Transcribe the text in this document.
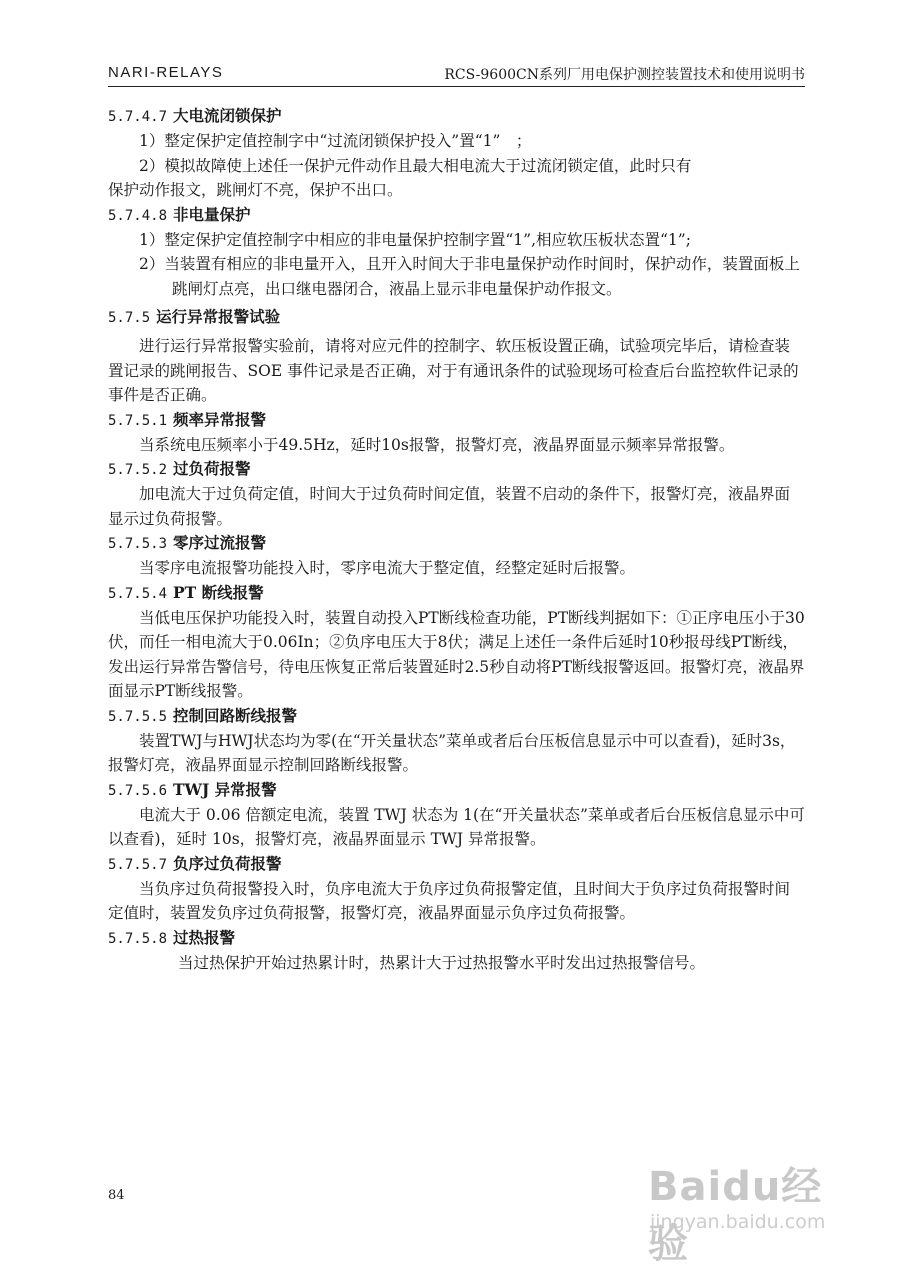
NARI-RELAYS	RCS-9600CN系列厂用电保护测控装置技术和使用说明书

5.7.4.7 大电流闭锁保护

1）整定保护定值控制字中“过流闭锁保护投入”置“1”　；

2）模拟故障使上述任一保护元件动作且最大相电流大于过流闭锁定值，此时只有

保护动作报文，跳闸灯不亮，保护不出口。

5.7.4.8 非电量保护

1）整定保护定值控制字中相应的非电量保护控制字置“1”,相应软压板状态置“1”;

2）当装置有相应的非电量开入，且开入时间大于非电量保护动作时间时，保护动作，装置面板上跳闸灯点亮，出口继电器闭合，液晶上显示非电量保护动作报文。

5.7.5 运行异常报警试验

进行运行异常报警实验前，请将对应元件的控制字、软压板设置正确，试验项完毕后，请检查装置记录的跳闸报告、SOE 事件记录是否正确，对于有通讯条件的试验现场可检查后台监控软件记录的事件是否正确。

5.7.5.1 频率异常报警

当系统电压频率小于49.5Hz，延时10s报警，报警灯亮，液晶界面显示频率异常报警。

5.7.5.2 过负荷报警

加电流大于过负荷定值，时间大于过负荷时间定值，装置不启动的条件下，报警灯亮，液晶界面显示过负荷报警。

5.7.5.3 零序过流报警

当零序电流报警功能投入时，零序电流大于整定值，经整定延时后报警。

5.7.5.4 PT 断线报警

当低电压保护功能投入时，装置自动投入PT断线检查功能，PT断线判据如下：①正序电压小于30伏，而任一相电流大于0.06In；②负序电压大于8伏；满足上述任一条件后延时10秒报母线PT断线，发出运行异常告警信号，待电压恢复正常后装置延时2.5秒自动将PT断线报警返回。报警灯亮，液晶界面显示PT断线报警。

5.7.5.5 控制回路断线报警

装置TWJ与HWJ状态均为零(在“开关量状态”菜单或者后台压板信息显示中可以查看)，延时3s，报警灯亮，液晶界面显示控制回路断线报警。

5.7.5.6 TWJ 异常报警

电流大于 0.06 倍额定电流，装置 TWJ 状态为 1(在“开关量状态”菜单或者后台压板信息显示中可以查看)，延时 10s，报警灯亮，液晶界面显示 TWJ 异常报警。

5.7.5.7 负序过负荷报警

当负序过负荷报警投入时，负序电流大于负序过负荷报警定值，且时间大于负序过负荷报警时间定值时，装置发负序过负荷报警，报警灯亮，液晶界面显示负序过负荷报警。

5.7.5.8 过热报警

当过热保护开始过热累计时，热累计大于过热报警水平时发出过热报警信号。

84	Baidu经验
jingyan.baidu.com
